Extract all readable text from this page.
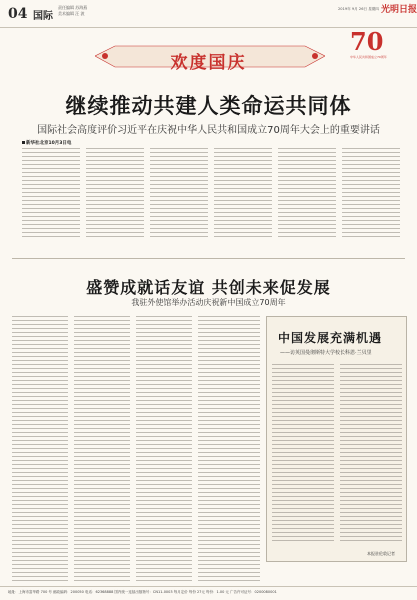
04 国际
责任编辑 苏海燕
美术编辑 汪 波
2019年 9月 26日 星期四 光明日报
欢度国庆
70
中华人民共和国成立70周年
继续推动共建人类命运共同体
国际社会高度评价习近平在庆祝中华人民共和国成立70周年大会上的重要讲话
新华社北京10月3日电
盛赞成就话友谊 共创未来促发展
我驻外使馆举办活动庆祝新中国成立70周年
中国发展充满机遇
——访英国曼彻斯特大学校长科恩·兰贝里
本报驻伦敦记者
地址：上海市富华路 700 号 邮政编码：200050 电话：62368888 国内统一连续出版物号：CN11-0003 每月定价 每份 27元 每份：1.00 元 广告许可证号：0200080001
